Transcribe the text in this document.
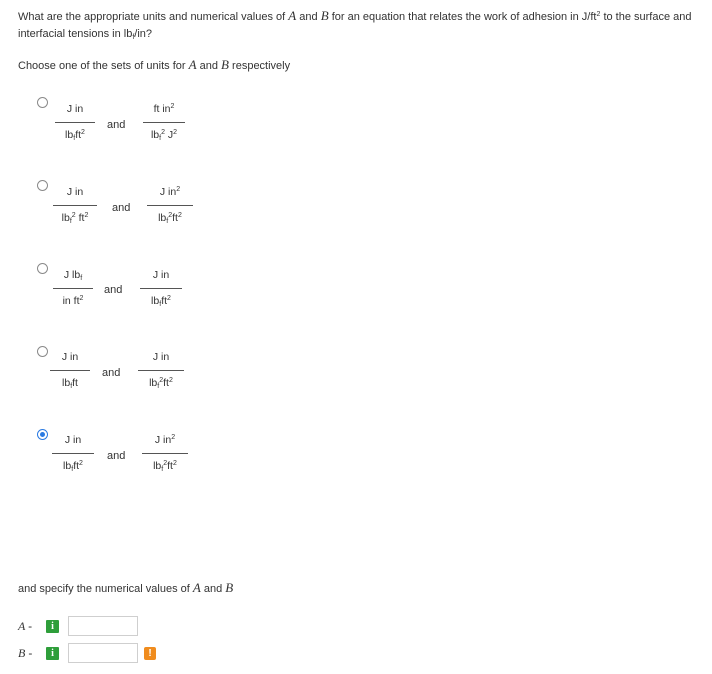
What are the appropriate units and numerical values of A and B for an equation that relates the work of adhesion in $J/ft^2$ to the surface and interfacial tensions in $lb_f/in$?
Choose one of the sets of units for A and B respectively
J in
$lb_fft^2$
and
ft $in^2$
$lb_f^2$ $J^2$
J in
$lb_f^2$ $ft^2$
and
J $in^2$
$lb_f^2ft^2$
J $lb_f$
in $ft^2$
and
J in
$lb_fft^2$
J in
$lb_fft$
and
J in
$lb_f^2ft^2$
J in
$lb_fft^2$
and
J $in^2$
$lb_f^2ft^2$
and specify the numerical values of A and B
A -	i
B -	i	!
